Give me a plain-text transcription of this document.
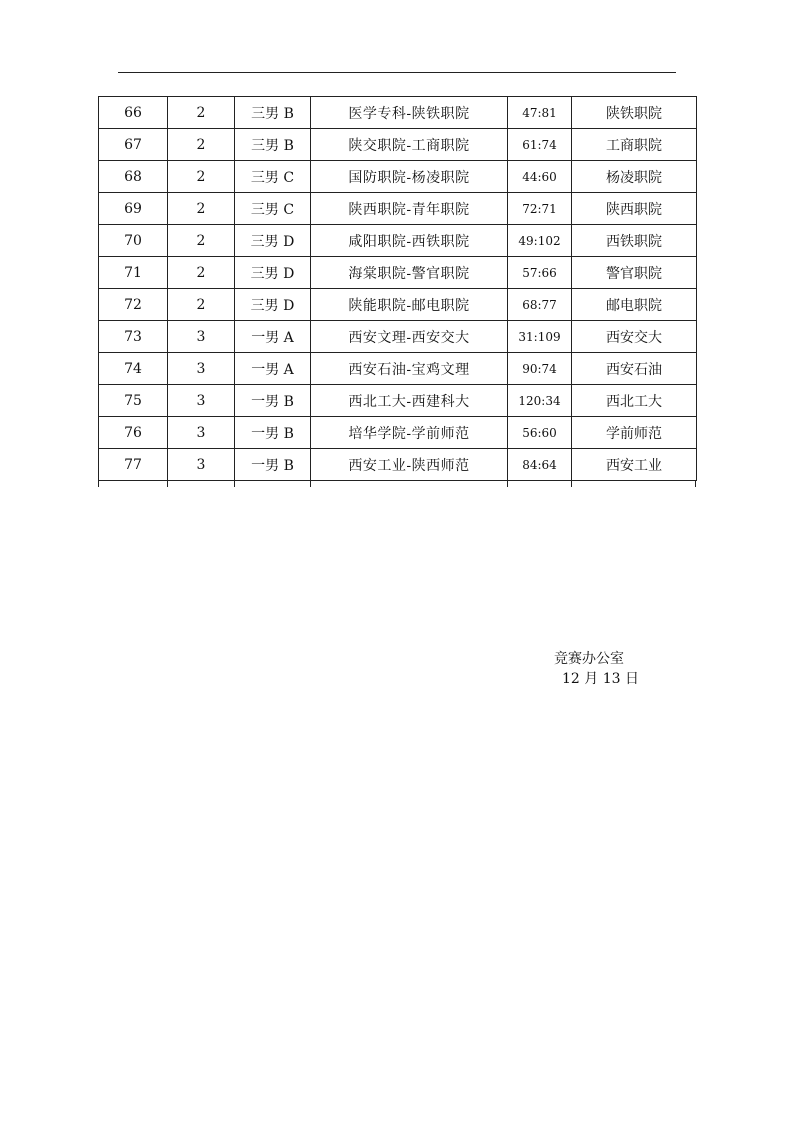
66	2	三男 B	医学专科-陕铁职院	47:81	陕铁职院
67	2	三男 B	陕交职院-工商职院	61:74	工商职院
68	2	三男 C	国防职院-杨凌职院	44:60	杨凌职院
69	2	三男 C	陕西职院-青年职院	72:71	陕西职院
70	2	三男 D	咸阳职院-西铁职院	49:102	西铁职院
71	2	三男 D	海棠职院-警官职院	57:66	警官职院
72	2	三男 D	陕能职院-邮电职院	68:77	邮电职院
73	3	一男 A	西安文理-西安交大	31:109	西安交大
74	3	一男 A	西安石油-宝鸡文理	90:74	西安石油
75	3	一男 B	西北工大-西建科大	120:34	西北工大
76	3	一男 B	培华学院-学前师范	56:60	学前师范
77	3	一男 B	西安工业-陕西师范	84:64	西安工业
竞赛办公室
12 月 13 日
